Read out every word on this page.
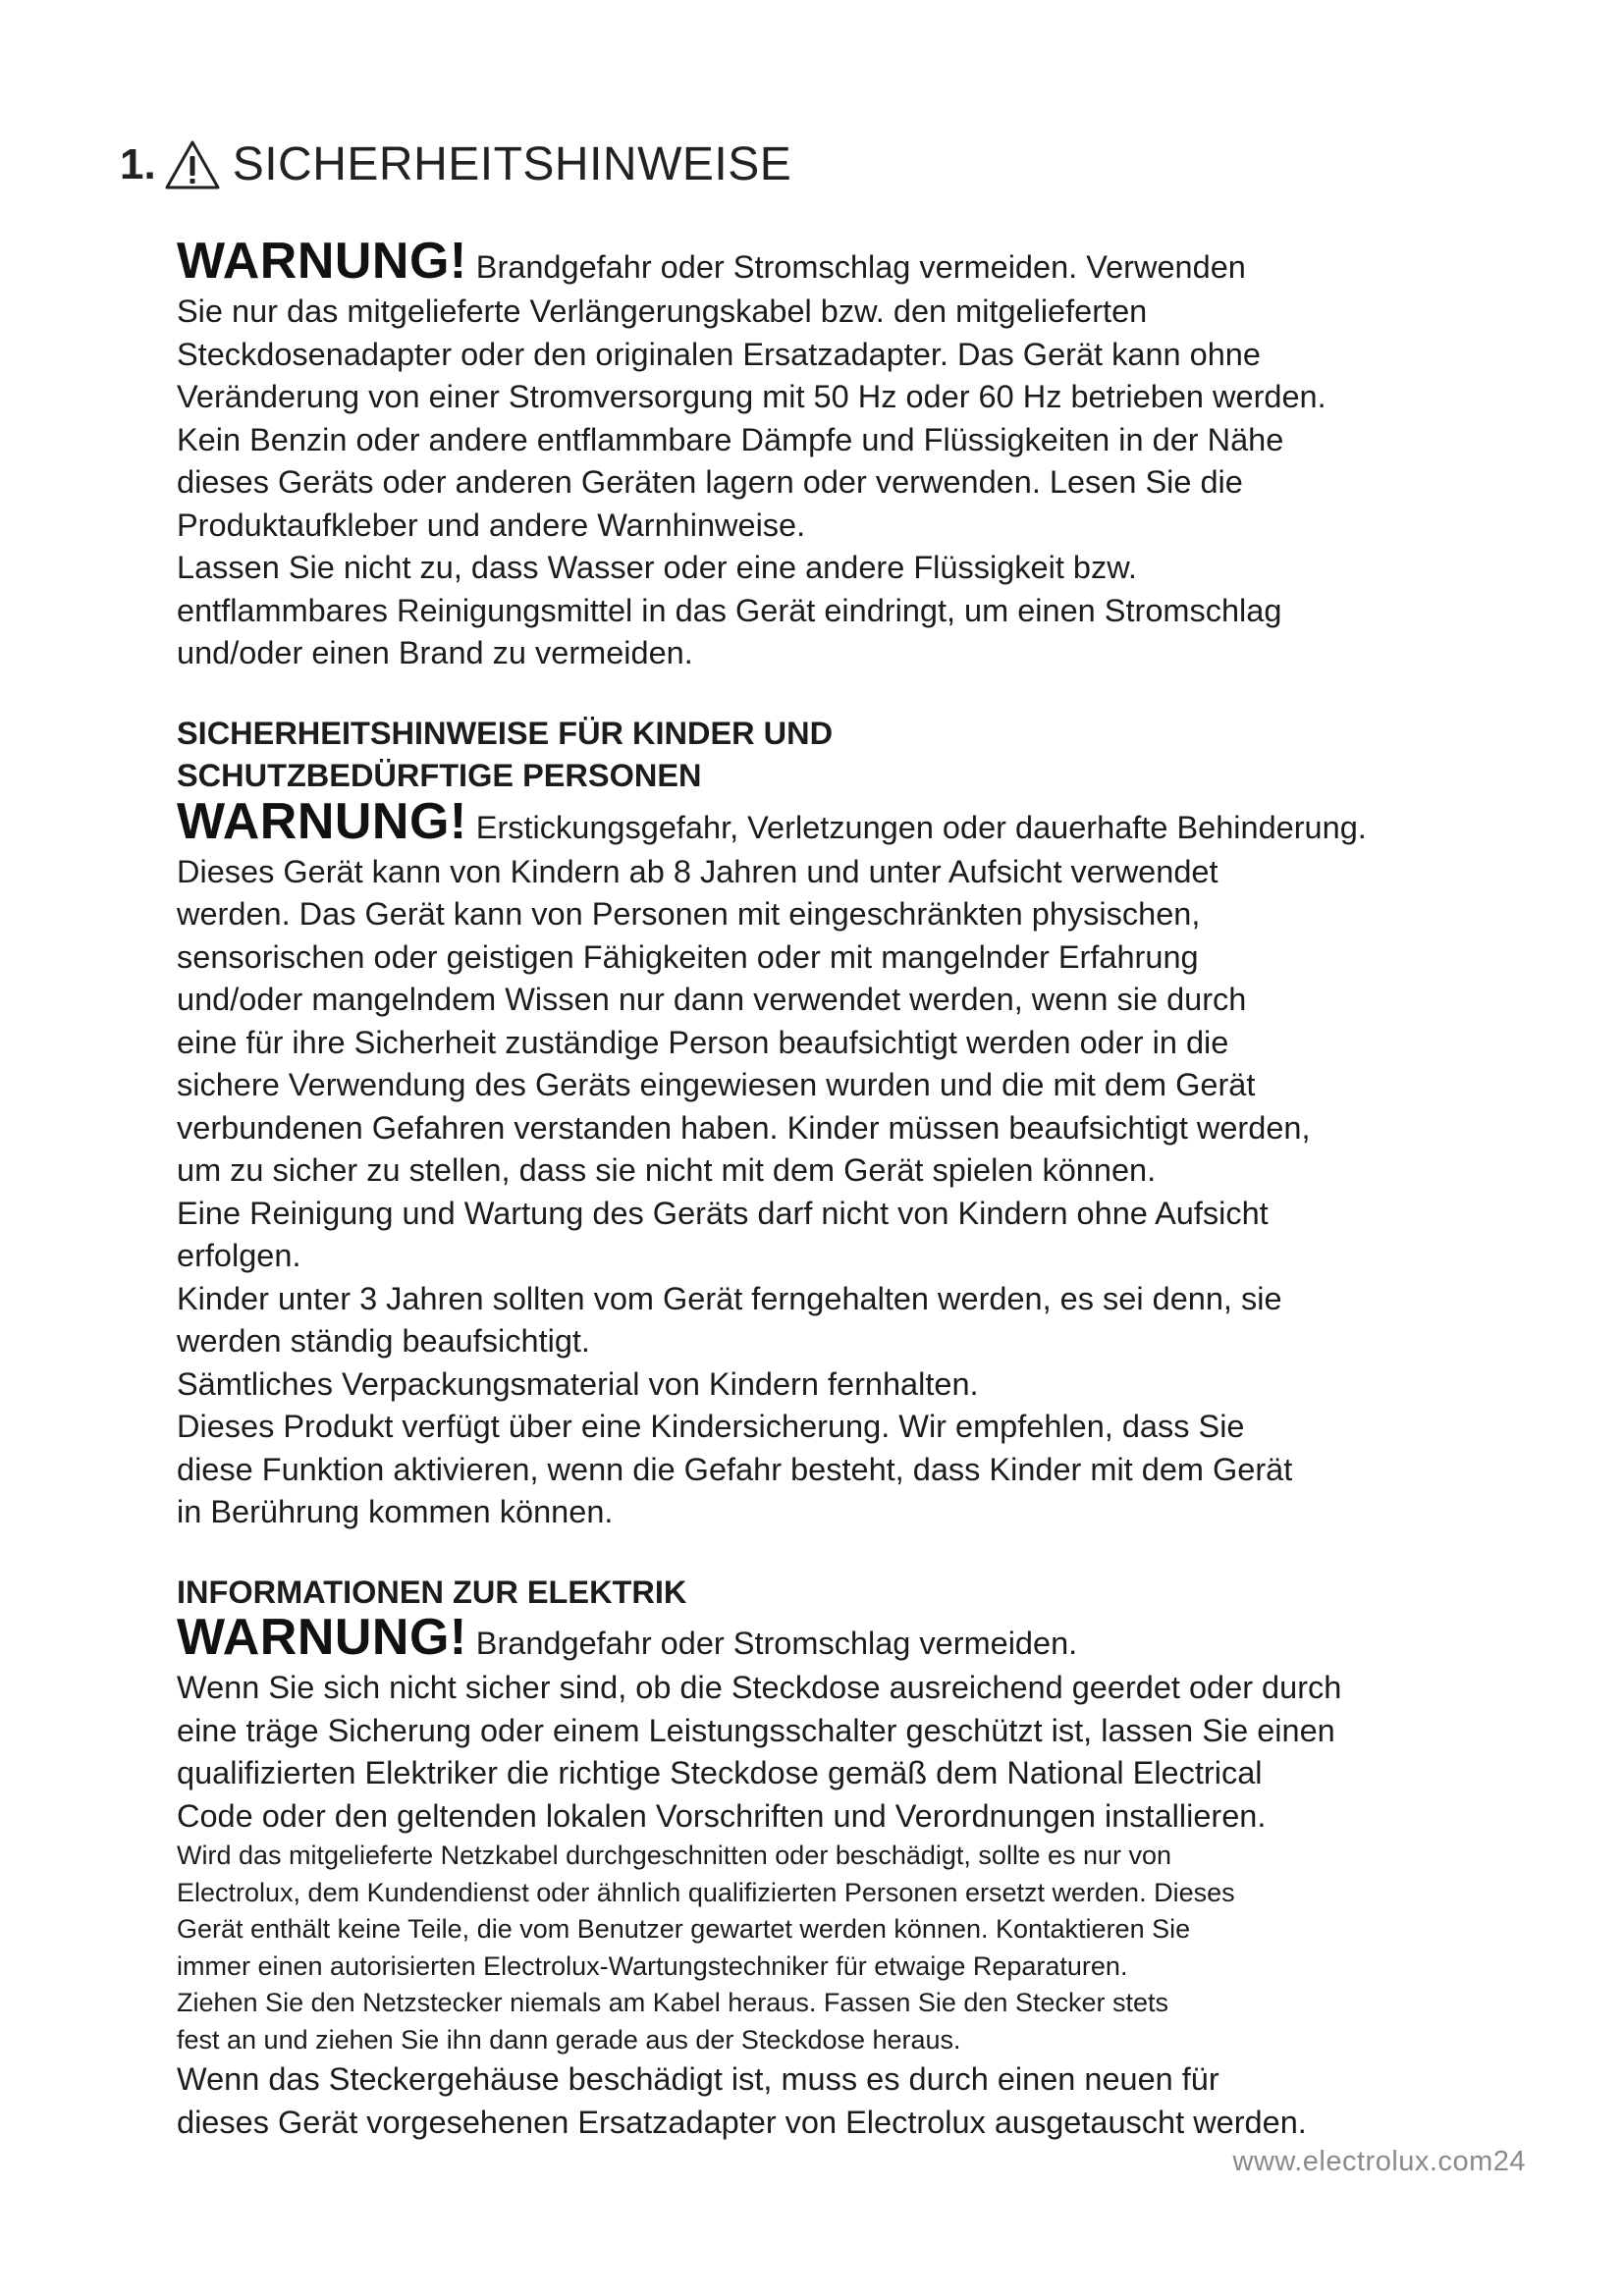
1. SICHERHEITSHINWEISE

WARNUNG! Brandgefahr oder Stromschlag vermeiden. Verwenden

Sie nur das mitgelieferte Verlängerungskabel bzw. den mitgelieferten

Steckdosenadapter oder den originalen Ersatzadapter. Das Gerät kann ohne

Veränderung von einer Stromversorgung mit 50 Hz oder 60 Hz betrieben werden.

Kein Benzin oder andere entflammbare Dämpfe und Flüssigkeiten in der Nähe

dieses Geräts oder anderen Geräten lagern oder verwenden. Lesen Sie die

Produktaufkleber und andere Warnhinweise.

Lassen Sie nicht zu, dass Wasser oder eine andere Flüssigkeit bzw.

entflammbares Reinigungsmittel in das Gerät eindringt, um einen Stromschlag

und/oder einen Brand zu vermeiden.

SICHERHEITSHINWEISE FÜR KINDER UND

SCHUTZBEDÜRFTIGE PERSONEN

WARNUNG! Erstickungsgefahr, Verletzungen oder dauerhafte Behinderung.

Dieses Gerät kann von Kindern ab 8 Jahren und unter Aufsicht verwendet

werden. Das Gerät kann von Personen mit eingeschränkten physischen,

sensorischen oder geistigen Fähigkeiten oder mit mangelnder Erfahrung

und/oder mangelndem Wissen nur dann verwendet werden, wenn sie durch

eine für ihre Sicherheit zuständige Person beaufsichtigt werden oder in die

sichere Verwendung des Geräts eingewiesen wurden und die mit dem Gerät

verbundenen Gefahren verstanden haben. Kinder müssen beaufsichtigt werden,

um zu sicher zu stellen, dass sie nicht mit dem Gerät spielen können.

Eine Reinigung und Wartung des Geräts darf nicht von Kindern ohne Aufsicht

erfolgen.

Kinder unter 3 Jahren sollten vom Gerät ferngehalten werden, es sei denn, sie

werden ständig beaufsichtigt.

Sämtliches Verpackungsmaterial von Kindern fernhalten.

Dieses Produkt verfügt über eine Kindersicherung. Wir empfehlen, dass Sie

diese Funktion aktivieren, wenn die Gefahr besteht, dass Kinder mit dem Gerät

in Berührung kommen können.

INFORMATIONEN ZUR ELEKTRIK

WARNUNG! Brandgefahr oder Stromschlag vermeiden.

Wenn Sie sich nicht sicher sind, ob die Steckdose ausreichend geerdet oder durch

eine träge Sicherung oder einem Leistungsschalter geschützt ist, lassen Sie einen

qualifizierten Elektriker die richtige Steckdose gemäß dem National Electrical

Code oder den geltenden lokalen Vorschriften und Verordnungen installieren.

Wird das mitgelieferte Netzkabel durchgeschnitten oder beschädigt, sollte es nur von

Electrolux, dem Kundendienst oder ähnlich qualifizierten Personen ersetzt werden. Dieses

Gerät enthält keine Teile, die vom Benutzer gewartet werden können. Kontaktieren Sie

immer einen autorisierten Electrolux-Wartungstechniker für etwaige Reparaturen.

Ziehen Sie den Netzstecker niemals am Kabel heraus. Fassen Sie den Stecker stets

fest an und ziehen Sie ihn dann gerade aus der Steckdose heraus.

Wenn das Steckergehäuse beschädigt ist, muss es durch einen neuen für

dieses Gerät vorgesehenen Ersatzadapter von Electrolux ausgetauscht werden.

www.electrolux.com24
